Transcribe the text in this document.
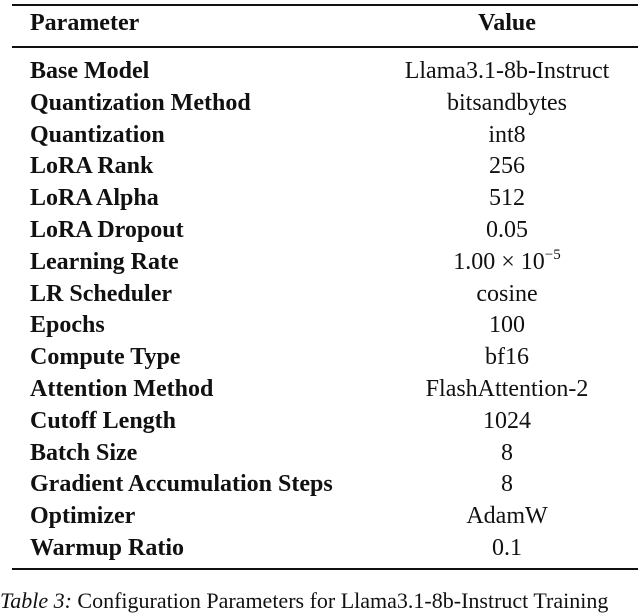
Parameter	Value
Base Model	Llama3.1-8b-Instruct
Quantization Method	bitsandbytes
Quantization	int8
LoRA Rank	256
LoRA Alpha	512
LoRA Dropout	0.05
Learning Rate	$1.00 \times 10^{-5}$
LR Scheduler	cosine
Epochs	100
Compute Type	bf16
Attention Method	FlashAttention-2
Cutoff Length	1024
Batch Size	8
Gradient Accumulation Steps	8
Optimizer	AdamW
Warmup Ratio	0.1
Table 3: Configuration Parameters for Llama3.1-8b-Instruct Training
